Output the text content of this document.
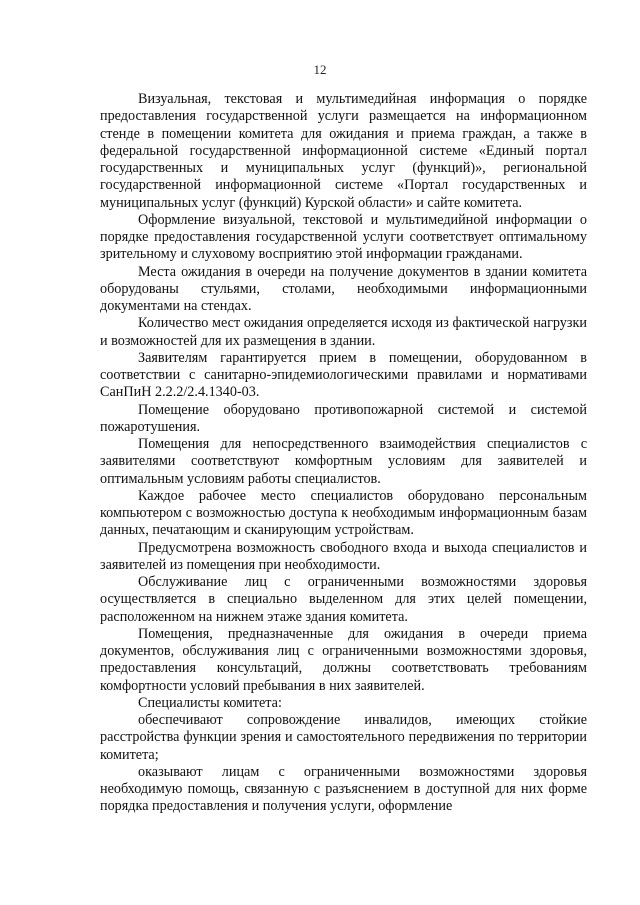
12

Визуальная, текстовая и мультимедийная информация о порядке предоставления государственной услуги размещается на информационном стенде в помещении комитета для ожидания и приема граждан, а также в федеральной государственной информационной системе «Единый портал государственных и муниципальных услуг (функций)», региональной государственной информационной системе «Портал государственных и муниципальных услуг (функций) Курской области» и сайте комитета.

Оформление визуальной, текстовой и мультимедийной информации о порядке предоставления государственной услуги соответствует оптимальному зрительному и слуховому восприятию этой информации гражданами.

Места ожидания в очереди на получение документов в здании комитета оборудованы стульями, столами, необходимыми информационными документами на стендах.

Количество мест ожидания определяется исходя из фактической нагрузки и возможностей для их размещения в здании.

Заявителям гарантируется прием в помещении, оборудованном в соответствии с санитарно-эпидемиологическими правилами и нормативами СанПиН 2.2.2/2.4.1340-03.

Помещение оборудовано противопожарной системой и системой пожаротушения.

Помещения для непосредственного взаимодействия специалистов с заявителями соответствуют комфортным условиям для заявителей и оптимальным условиям работы специалистов.

Каждое рабочее место специалистов оборудовано персональным компьютером с возможностью доступа к необходимым информационным базам данных, печатающим и сканирующим устройствам.

Предусмотрена возможность свободного входа и выхода специалистов и заявителей из помещения при необходимости.

Обслуживание лиц с ограниченными возможностями здоровья осуществляется в специально выделенном для этих целей помещении, расположенном на нижнем этаже здания комитета.

Помещения, предназначенные для ожидания в очереди приема документов, обслуживания лиц с ограниченными возможностями здоровья, предоставления консультаций, должны соответствовать требованиям комфортности условий пребывания в них заявителей.

Специалисты комитета:

обеспечивают сопровождение инвалидов, имеющих стойкие расстройства функции зрения и самостоятельного передвижения по территории комитета;

оказывают лицам с ограниченными возможностями здоровья необходимую помощь, связанную с разъяснением в доступной для них форме порядка предоставления и получения услуги, оформление
